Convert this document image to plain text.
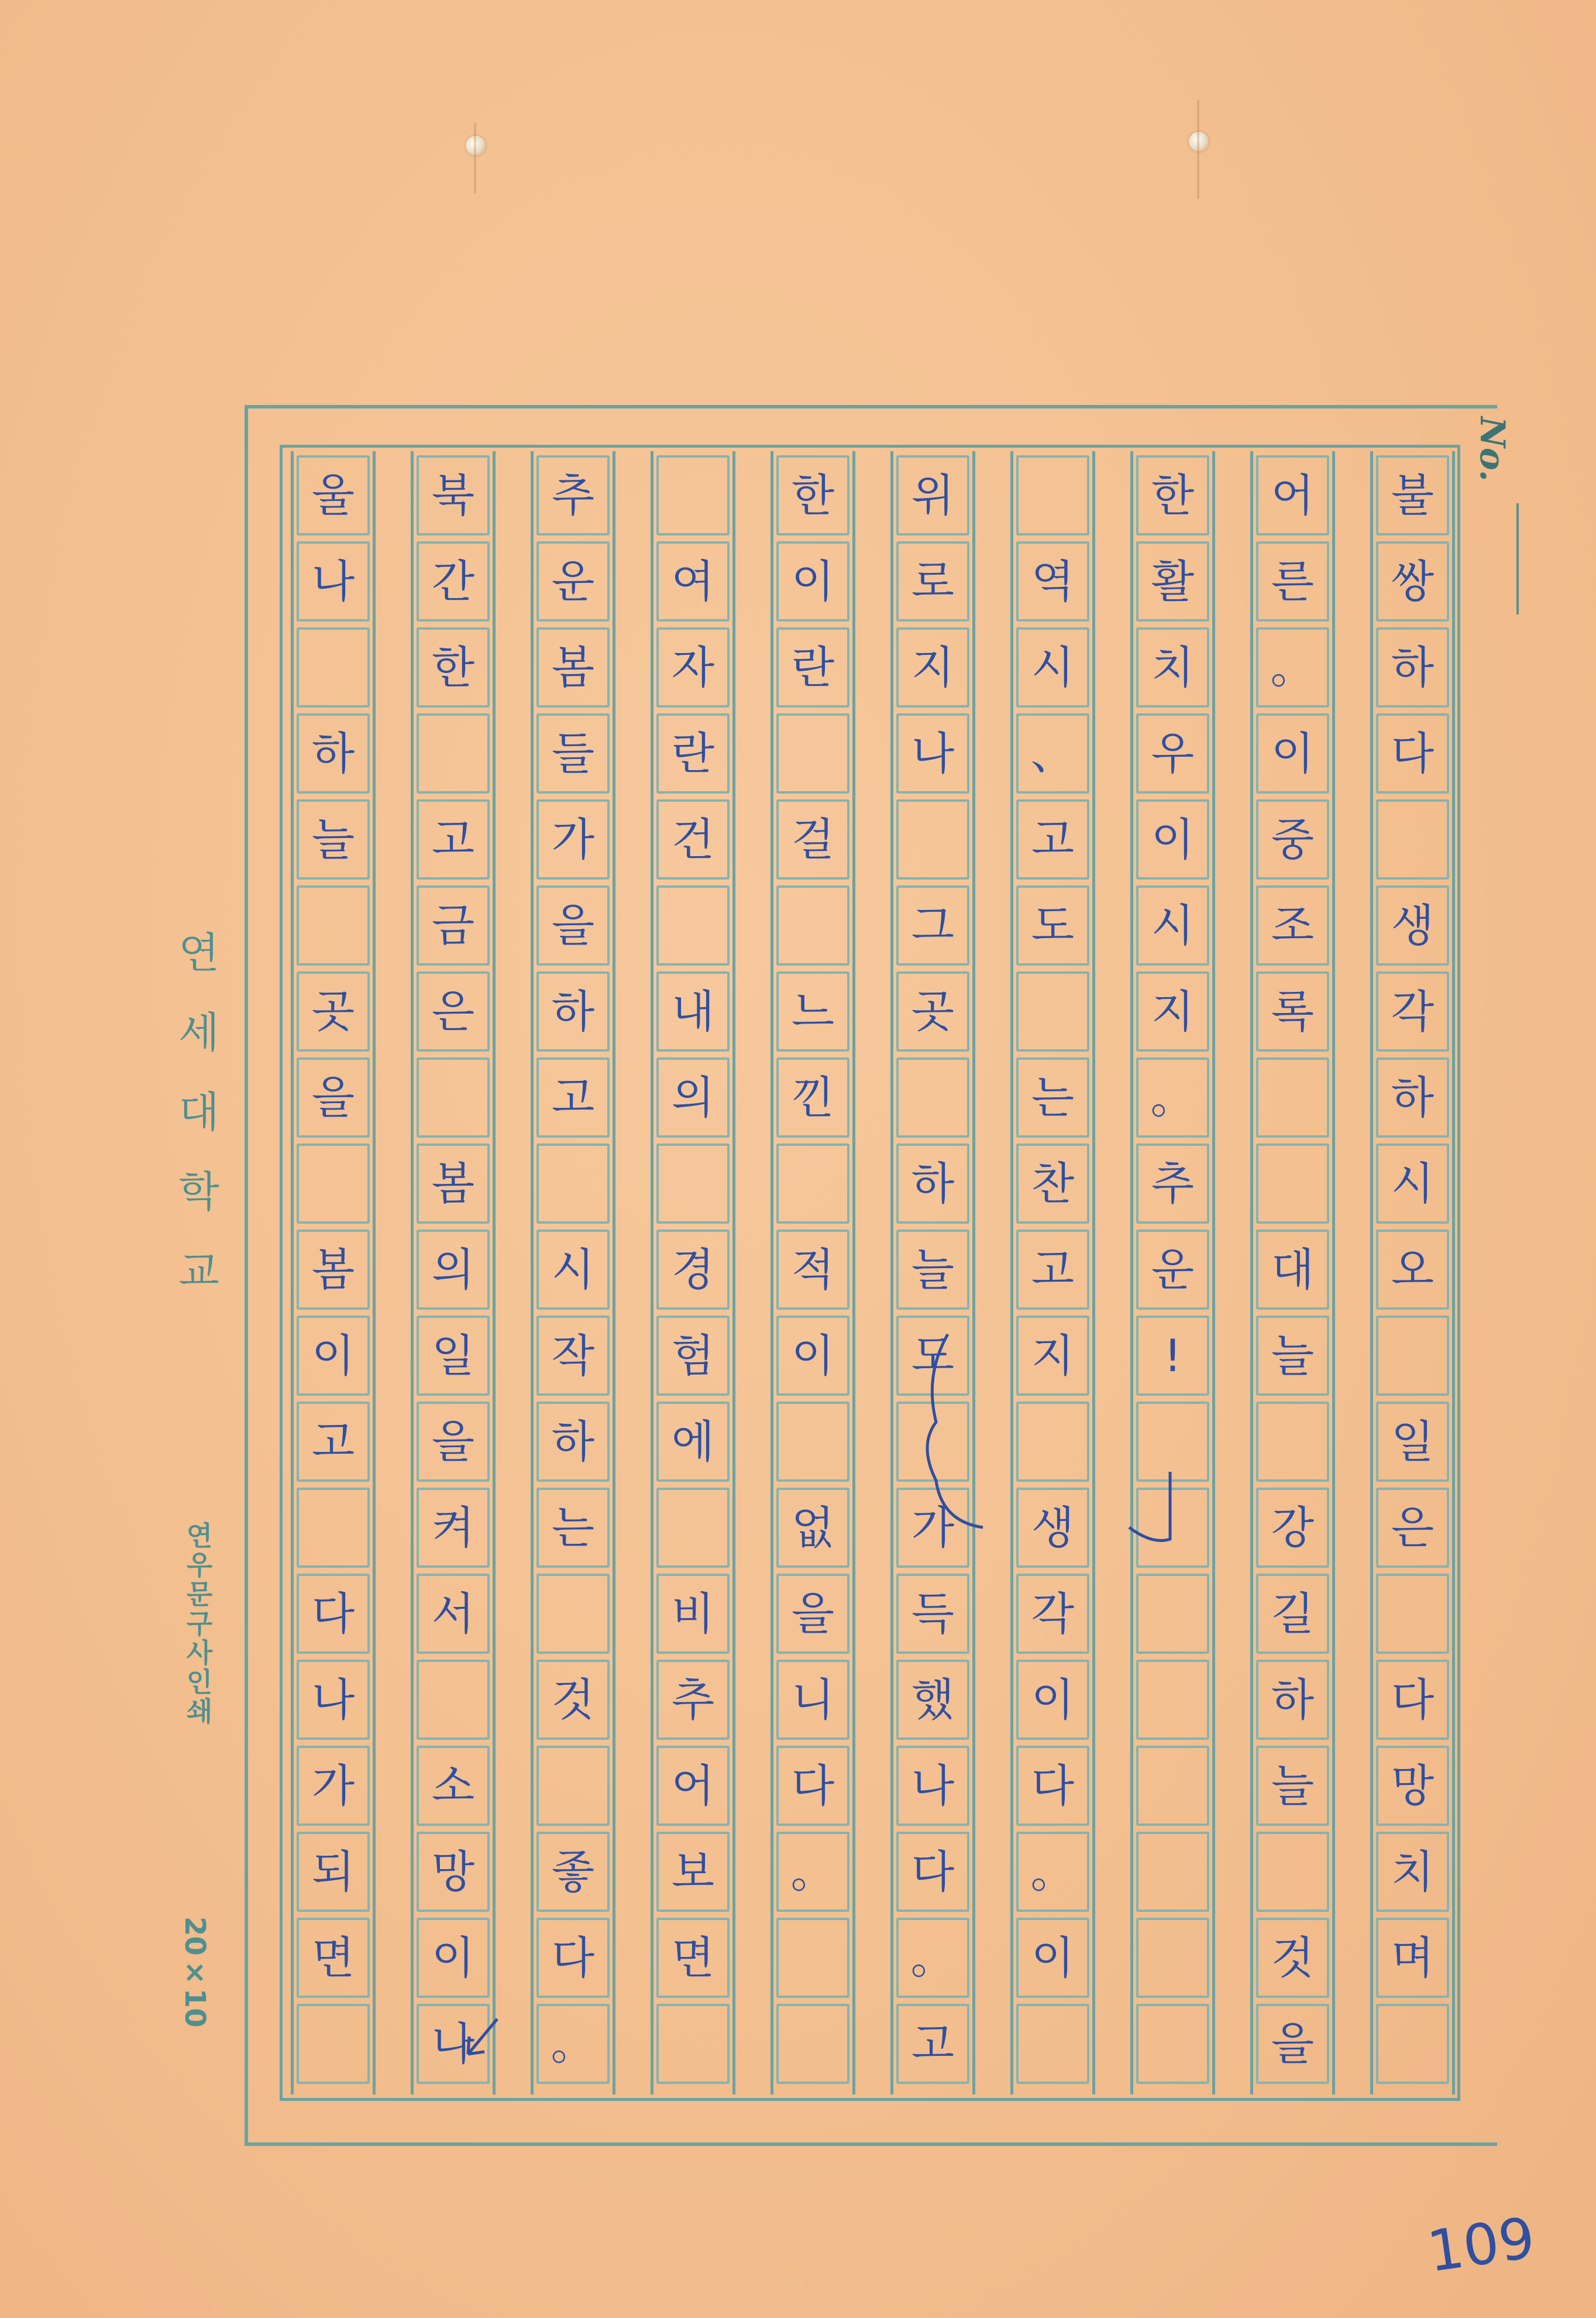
No.
불
쌍
하
다
생
각
하
시
오
일
은
다
망
치
며
어
른
。
이
중
조
록
대
늘
강
길
하
늘
것
을
한
활
치
우
이
시
지
。
추
운
!
역
시
、
고
도
는
찬
고
지
생
각
이
다
。
이
위
로
지
나
그
곳
하
늘
도
가
득
했
나
다
。
고
한
이
란
걸
느
낀
적
이
없
을
니
다
。
여
자
란
건
내
의
경
험
에
비
추
어
보
면
추
운
봄
들
가
을
하
고
시
작
하
는
것
좋
다
。
북
간
한
고
금
은
봄
의
일
을
켜
서
소
망
이
나
울
나
하
늘
곳
을
봄
이
고
다
나
가
되
면
연세대학교
연우문구사인쇄
20×10
109
